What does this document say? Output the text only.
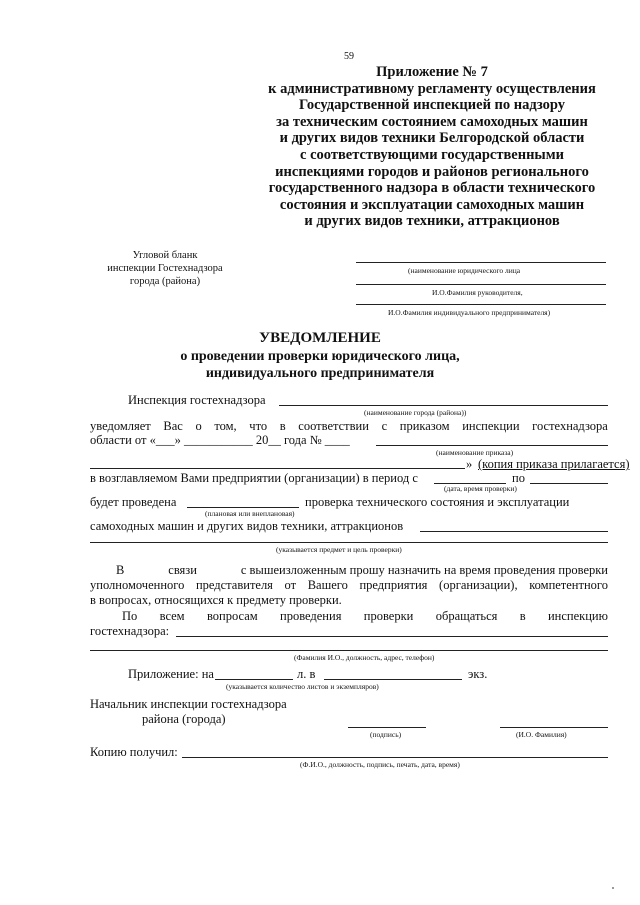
59
Приложение № 7
к административному регламенту осуществления
Государственной инспекцией по надзору
за техническим состоянием самоходных машин
и других видов техники Белгородской области
с соответствующими государственными
инспекциями городов и районов регионального
государственного надзора в области технического
состояния и эксплуатации самоходных машин
и других видов техники, аттракционов
Угловой бланк
инспекции Гостехнадзора
города (района)
(наименование юридического лица
И.О.Фамилия руководителя,
И.О.Фамилия индивидуального предпринимателя)
УВЕДОМЛЕНИЕ
о проведении проверки юридического лица,
индивидуального предпринимателя
Инспекция гостехнадзора
(наименование города (района))
уведомляет Вас о том, что в соответствии с приказом инспекции гостехнадзора
области от «___» ___________ 20__ года № ____
(наименование приказа)
» (копия приказа прилагается)
в возглавляемом Вами предприятии (организации) в период с	по
(дата, время проверки)
будет проведена	проверка технического состояния и эксплуатации
(плановая или внеплановая)
самоходных машин и других видов техники, аттракционов
(указывается предмет и цель проверки)
В	связи	с вышеизложенным прошу назначить на время проведения проверки
уполномоченного представителя от Вашего предприятия (организации), компетентного
в вопросах, относящихся к предмету проверки.
По всем вопросам проведения проверки обращаться в инспекцию
гостехнадзора:
(Фамилия И.О., должность, адрес, телефон)
Приложение: на	л. в	экз.
(указывается количество листов и экземпляров)
Начальник инспекции гостехнадзора
района (города)
(подпись)	(И.О. Фамилия)
Копию получил:
(Ф.И.О., должность, подпись, печать, дата, время)
